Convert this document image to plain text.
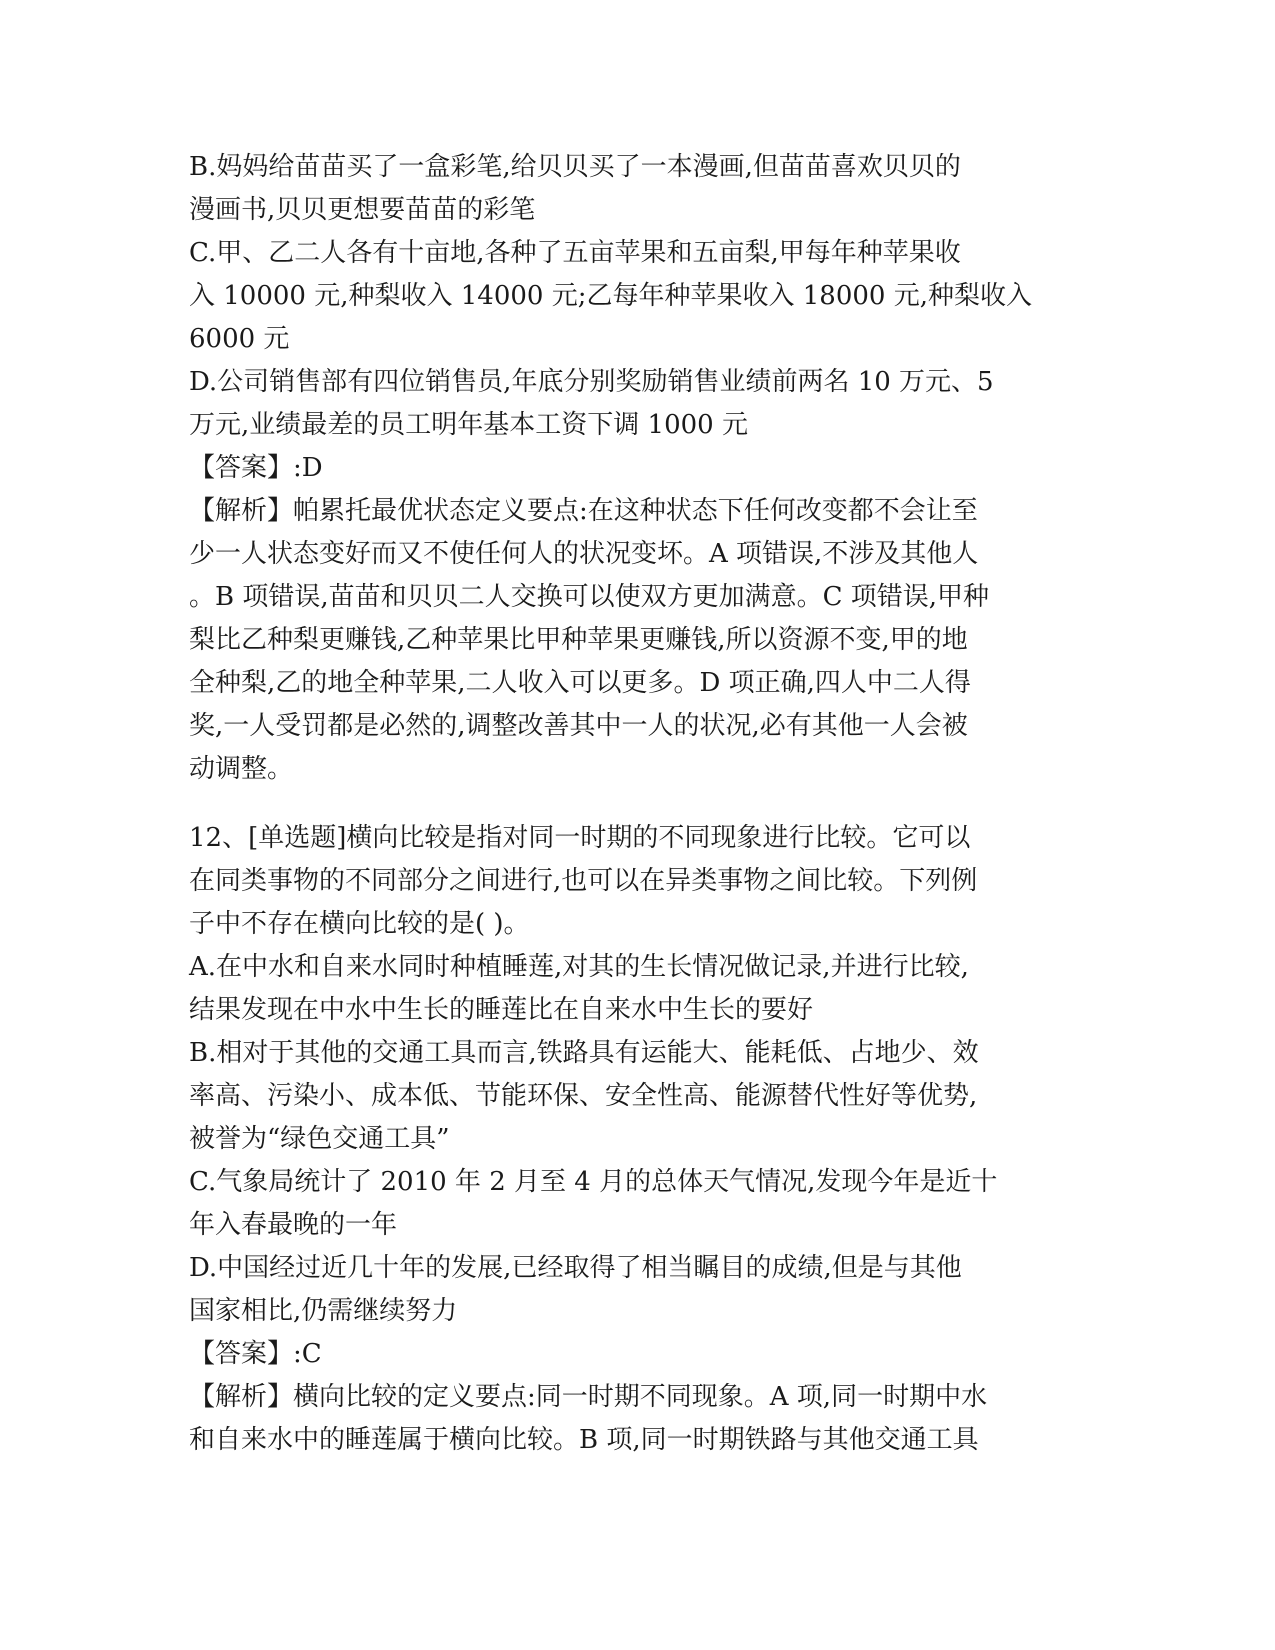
B.妈妈给苗苗买了一盒彩笔,给贝贝买了一本漫画,但苗苗喜欢贝贝的
漫画书,贝贝更想要苗苗的彩笔
C.甲、乙二人各有十亩地,各种了五亩苹果和五亩梨,甲每年种苹果收
入 10000 元,种梨收入 14000 元;乙每年种苹果收入 18000 元,种梨收入
6000 元
D.公司销售部有四位销售员,年底分别奖励销售业绩前两名 10 万元、5
万元,业绩最差的员工明年基本工资下调 1000 元
【答案】:D
【解析】帕累托最优状态定义要点:在这种状态下任何改变都不会让至
少一人状态变好而又不使任何人的状况变坏。A 项错误,不涉及其他人
。B 项错误,苗苗和贝贝二人交换可以使双方更加满意。C 项错误,甲种
梨比乙种梨更赚钱,乙种苹果比甲种苹果更赚钱,所以资源不变,甲的地
全种梨,乙的地全种苹果,二人收入可以更多。D 项正确,四人中二人得
奖,一人受罚都是必然的,调整改善其中一人的状况,必有其他一人会被
动调整。
12、[单选题]横向比较是指对同一时期的不同现象进行比较。它可以
在同类事物的不同部分之间进行,也可以在异类事物之间比较。下列例
子中不存在横向比较的是( )。
A.在中水和自来水同时种植睡莲,对其的生长情况做记录,并进行比较,
结果发现在中水中生长的睡莲比在自来水中生长的要好
B.相对于其他的交通工具而言,铁路具有运能大、能耗低、占地少、效
率高、污染小、成本低、节能环保、安全性高、能源替代性好等优势,
被誉为“绿色交通工具”
C.气象局统计了 2010 年 2 月至 4 月的总体天气情况,发现今年是近十
年入春最晚的一年
D.中国经过近几十年的发展,已经取得了相当瞩目的成绩,但是与其他
国家相比,仍需继续努力
【答案】:C
【解析】横向比较的定义要点:同一时期不同现象。A 项,同一时期中水
和自来水中的睡莲属于横向比较。B 项,同一时期铁路与其他交通工具
